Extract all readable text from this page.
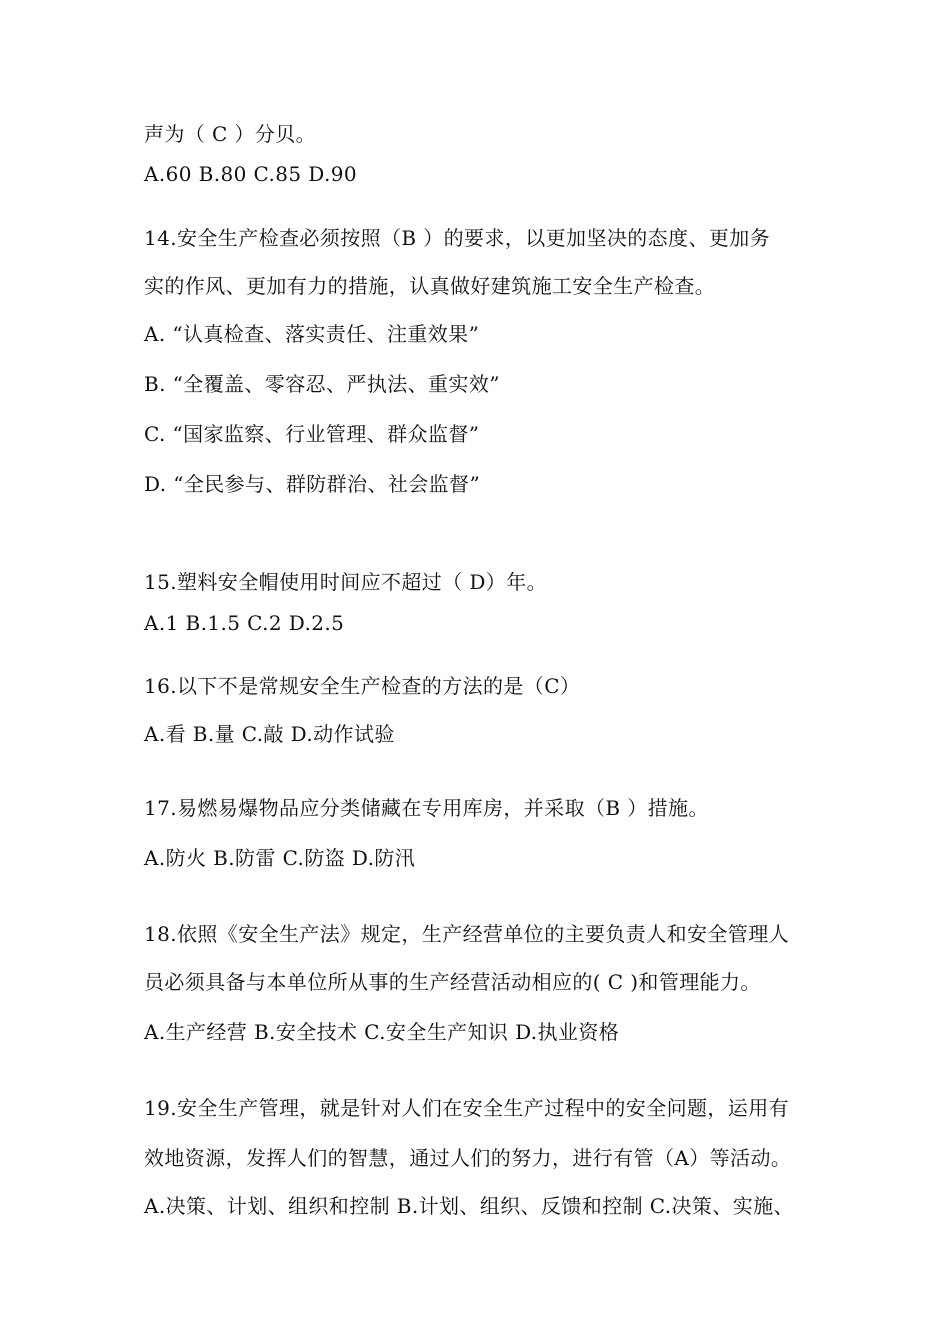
声为（ C ）分贝。
A.60 B.80 C.85 D.90
14.安全生产检查必须按照（B ）的要求，以更加坚决的态度、更加务
实的作风、更加有力的措施，认真做好建筑施工安全生产检查。
A. “认真检查、落实责任、注重效果”
B. “全覆盖、零容忍、严执法、重实效”
C. “国家监察、行业管理、群众监督”
D. “全民参与、群防群治、社会监督”
15.塑料安全帽使用时间应不超过（ D）年。
A.1 B.1.5 C.2 D.2.5
16.以下不是常规安全生产检查的方法的是（C）
A.看 B.量 C.敲 D.动作试验
17.易燃易爆物品应分类储藏在专用库房，并采取（B ）措施。
A.防火 B.防雷 C.防盗 D.防汛
18.依照《安全生产法》规定，生产经营单位的主要负责人和安全管理人
员必须具备与本单位所从事的生产经营活动相应的( C )和管理能力。
A.生产经营 B.安全技术 C.安全生产知识 D.执业资格
19.安全生产管理，就是针对人们在安全生产过程中的安全问题，运用有
效地资源，发挥人们的智慧，通过人们的努力，进行有管（A）等活动。
A.决策、计划、组织和控制 B.计划、组织、反馈和控制 C.决策、实施、
